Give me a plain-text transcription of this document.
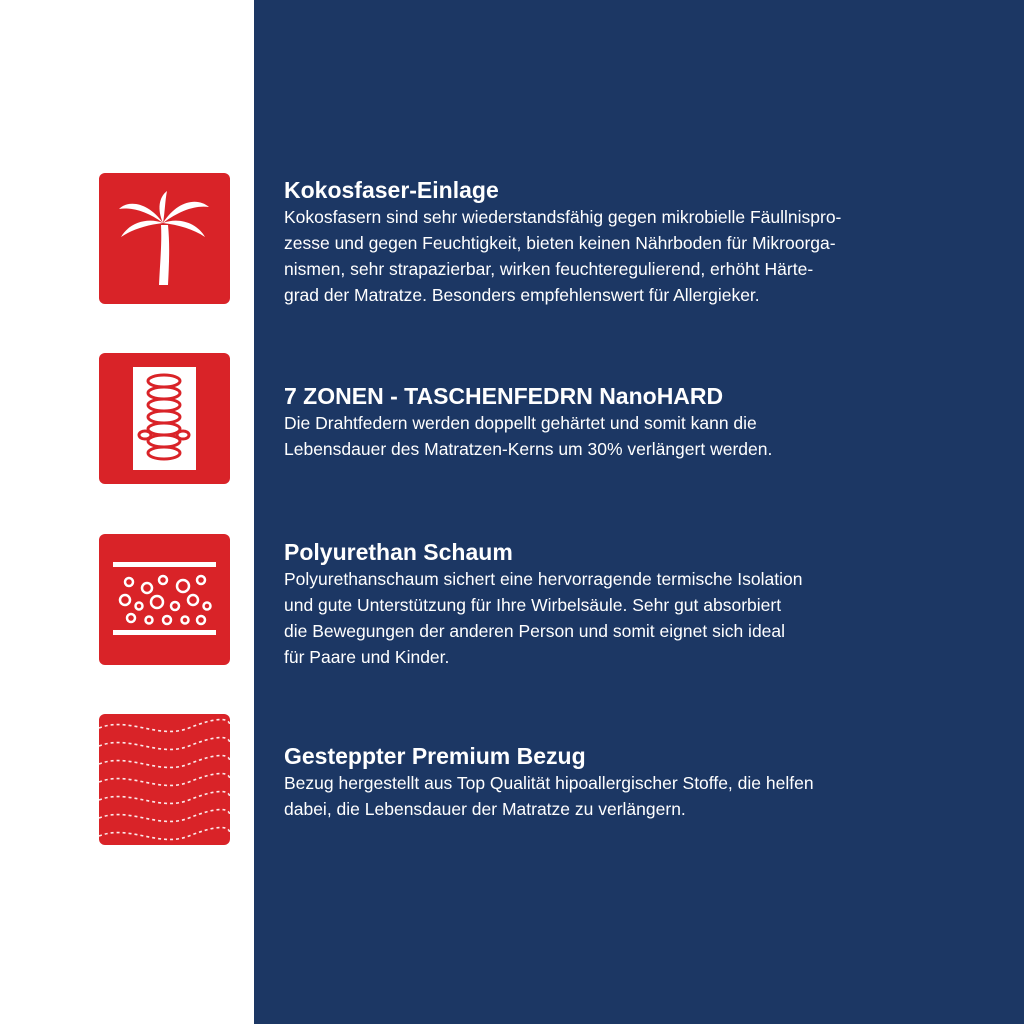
Kokosfaser-Einlage

Kokosfasern sind sehr wiederstandsfähig gegen mikrobielle Fäullnispro-
zesse und gegen Feuchtigkeit, bieten keinen Nährboden für Mikroorga-
nismen, sehr strapazierbar, wirken feuchteregulierend, erhöht Härte-
grad der Matratze. Besonders empfehlenswert für Allergieker.

7 ZONEN - TASCHENFEDRN NanoHARD

Die Drahtfedern werden doppellt gehärtet und somit kann die
Lebensdauer des Matratzen-Kerns um 30% verlängert werden.

Polyurethan Schaum

Polyurethanschaum sichert eine hervorragende termische Isolation
und gute Unterstützung für Ihre Wirbelsäule. Sehr gut absorbiert
die Bewegungen der anderen Person und somit eignet sich ideal
für Paare und Kinder.

Gesteppter Premium Bezug

Bezug hergestellt aus Top Qualität hipoallergischer Stoffe, die helfen
dabei, die Lebensdauer der Matratze zu verlängern.
